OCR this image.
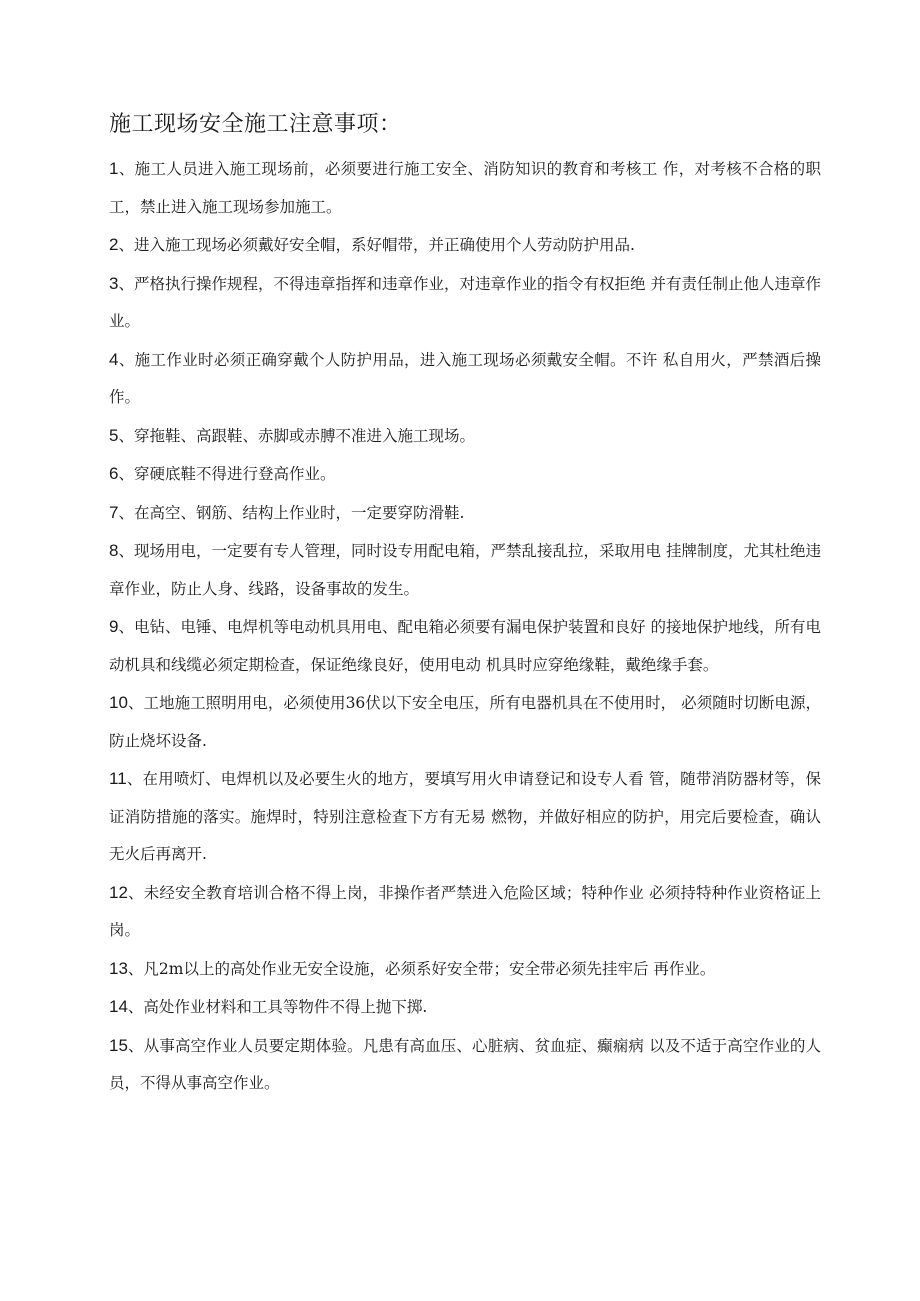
施工现场安全施工注意事项：
1、施工人员进入施工现场前，必须要进行施工安全、消防知识的教育和考核工 作，对考核不合格的职工，禁止进入施工现场参加施工。
2、进入施工现场必须戴好安全帽，系好帽带，并正确使用个人劳动防护用品.
3、严格执行操作规程，不得违章指挥和违章作业，对违章作业的指令有权拒绝 并有责任制止他人违章作业。
4、施工作业时必须正确穿戴个人防护用品，进入施工现场必须戴安全帽。不许 私自用火，严禁酒后操作。
5、穿拖鞋、高跟鞋、赤脚或赤膊不准进入施工现场。
6、穿硬底鞋不得进行登高作业。
7、在高空、钢筋、结构上作业时，一定要穿防滑鞋.
8、现场用电，一定要有专人管理，同时设专用配电箱，严禁乱接乱拉，采取用电 挂牌制度，尤其杜绝违章作业，防止人身、线路，设备事故的发生。
9、电钻、电锤、电焊机等电动机具用电、配电箱必须要有漏电保护装置和良好 的接地保护地线，所有电动机具和线缆必须定期检查，保证绝缘良好，使用电动 机具时应穿绝缘鞋，戴绝缘手套。
10、工地施工照明用电，必须使用36伏以下安全电压，所有电器机具在不使用时， 必须随时切断电源，防止烧坏设备.
11、在用喷灯、电焊机以及必要生火的地方，要填写用火申请登记和设专人看 管，随带消防器材等，保证消防措施的落实。施焊时，特别注意检查下方有无易 燃物，并做好相应的防护，用完后要检查，确认无火后再离开.
12、未经安全教育培训合格不得上岗，非操作者严禁进入危险区域；特种作业 必须持特种作业资格证上岗。
13、凡2m以上的高处作业无安全设施，必须系好安全带；安全带必须先挂牢后 再作业。
14、高处作业材料和工具等物件不得上抛下掷.
15、从事高空作业人员要定期体验。凡患有高血压、心脏病、贫血症、癫痫病 以及不适于高空作业的人员，不得从事高空作业。
